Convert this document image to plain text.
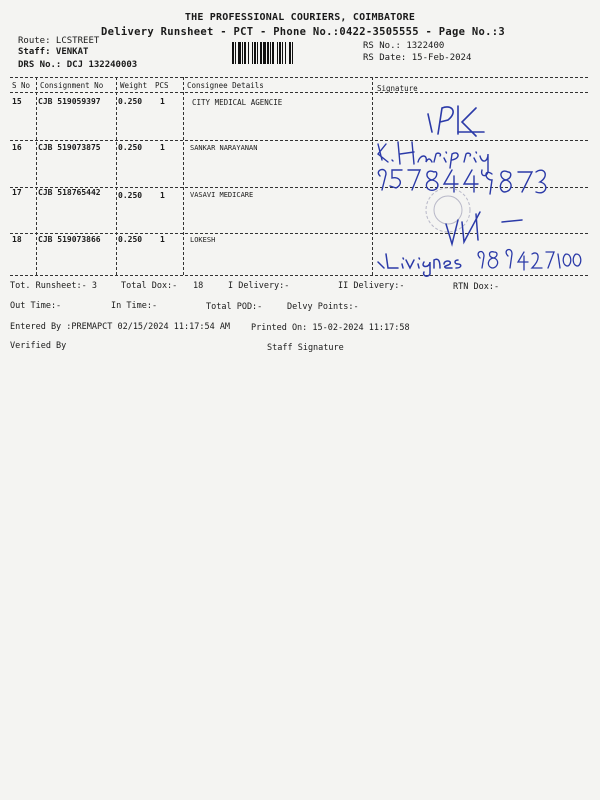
THE PROFESSIONAL COURIERS, COIMBATORE
Delivery Runsheet - PCT - Phone No.:0422-3505555 - Page No.:3
Route: LCSTREET
Staff: VENKAT
DRS No.: DCJ 132240003
RS No.: 1322400
RS Date: 15-Feb-2024
S No Consignment No Weight PCS Consignee Details	Signature
15 CJB 519059397 0.250 1	CITY MEDICAL AGENCIE
16 CJB 519073875 0.250 1	SANKAR NARAYANAN
17 CJB 518765442 0.250 1	VASAVI MEDICARE
18 CJB 519073866 0.250 1	LOKESH
Tot. Runsheet:- 3	Total Dox:- 18	I Delivery:-	II Delivery:-	RTN Dox:-
Out Time:-	In Time:-	Total POD:-	Delvy Points:-
Entered By :PREMAPCT 02/15/2024 11:17:54 AM Printed On: 15-02-2024 11:17:58
Verified By	Staff Signature
